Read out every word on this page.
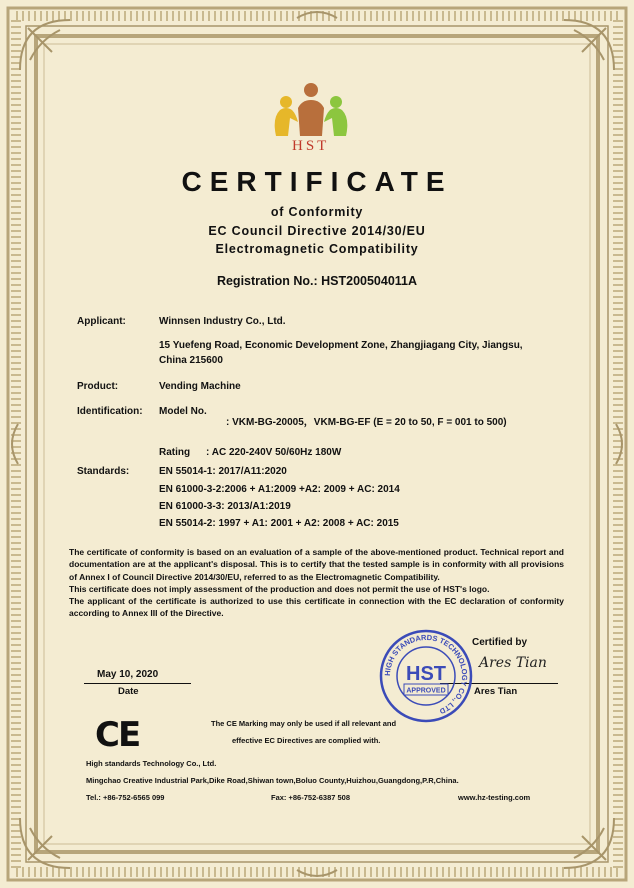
HST
CERTIFICATE
of Conformity
EC Council Directive 2014/30/EU
Electromagnetic Compatibility
Registration No.: HST200504011A
Applicant:	Winnsen Industry Co., Ltd.
15 Yuefeng Road, Economic Development Zone, Zhangjiagang City, Jiangsu,
China 215600
Product:	Vending Machine
Identification: Model No.
: VKM-BG-20005，VKM-BG-EF (E = 20 to 50, F = 001 to 500)
Rating : AC 220-240V 50/60Hz 180W
Standards:	EN 55014-1: 2017/A11:2020
EN 61000-3-2:2006 + A1:2009 +A2: 2009 + AC: 2014
EN 61000-3-3: 2013/A1:2019
EN 55014-2: 1997 + A1: 2001 + A2: 2008 + AC: 2015

The certificate of conformity is based on an evaluation of a sample of the above-mentioned product. Technical report and documentation are at the applicant's disposal. This is to certify that the tested sample is in conformity with all provisions of Annex I of Council Directive 2014/30/EU, referred to as the Electromagnetic Compatibility.

This certificate does not imply assessment of the production and does not permit the use of HST's logo.

The applicant of the certificate is authorized to use this certificate in connection with the EC declaration of conformity according to Annex III of the Directive.

Certified by
Ares Tian
Ares Tian
HIGH STANDARDS TECHNOLOGY CO., LTD
HST
APPROVED
May 10, 2020
Date
CE	The CE Marking may only be used if all relevant and
effective EC Directives are complied with.
High standards Technology Co., Ltd.
Mingchao Creative Industrial Park,Dike Road,Shiwan town,Boluo County,Huizhou,Guangdong,P.R,China.
Tel.: +86-752-6565 099	Fax: +86-752-6387 508	www.hz-testing.com
